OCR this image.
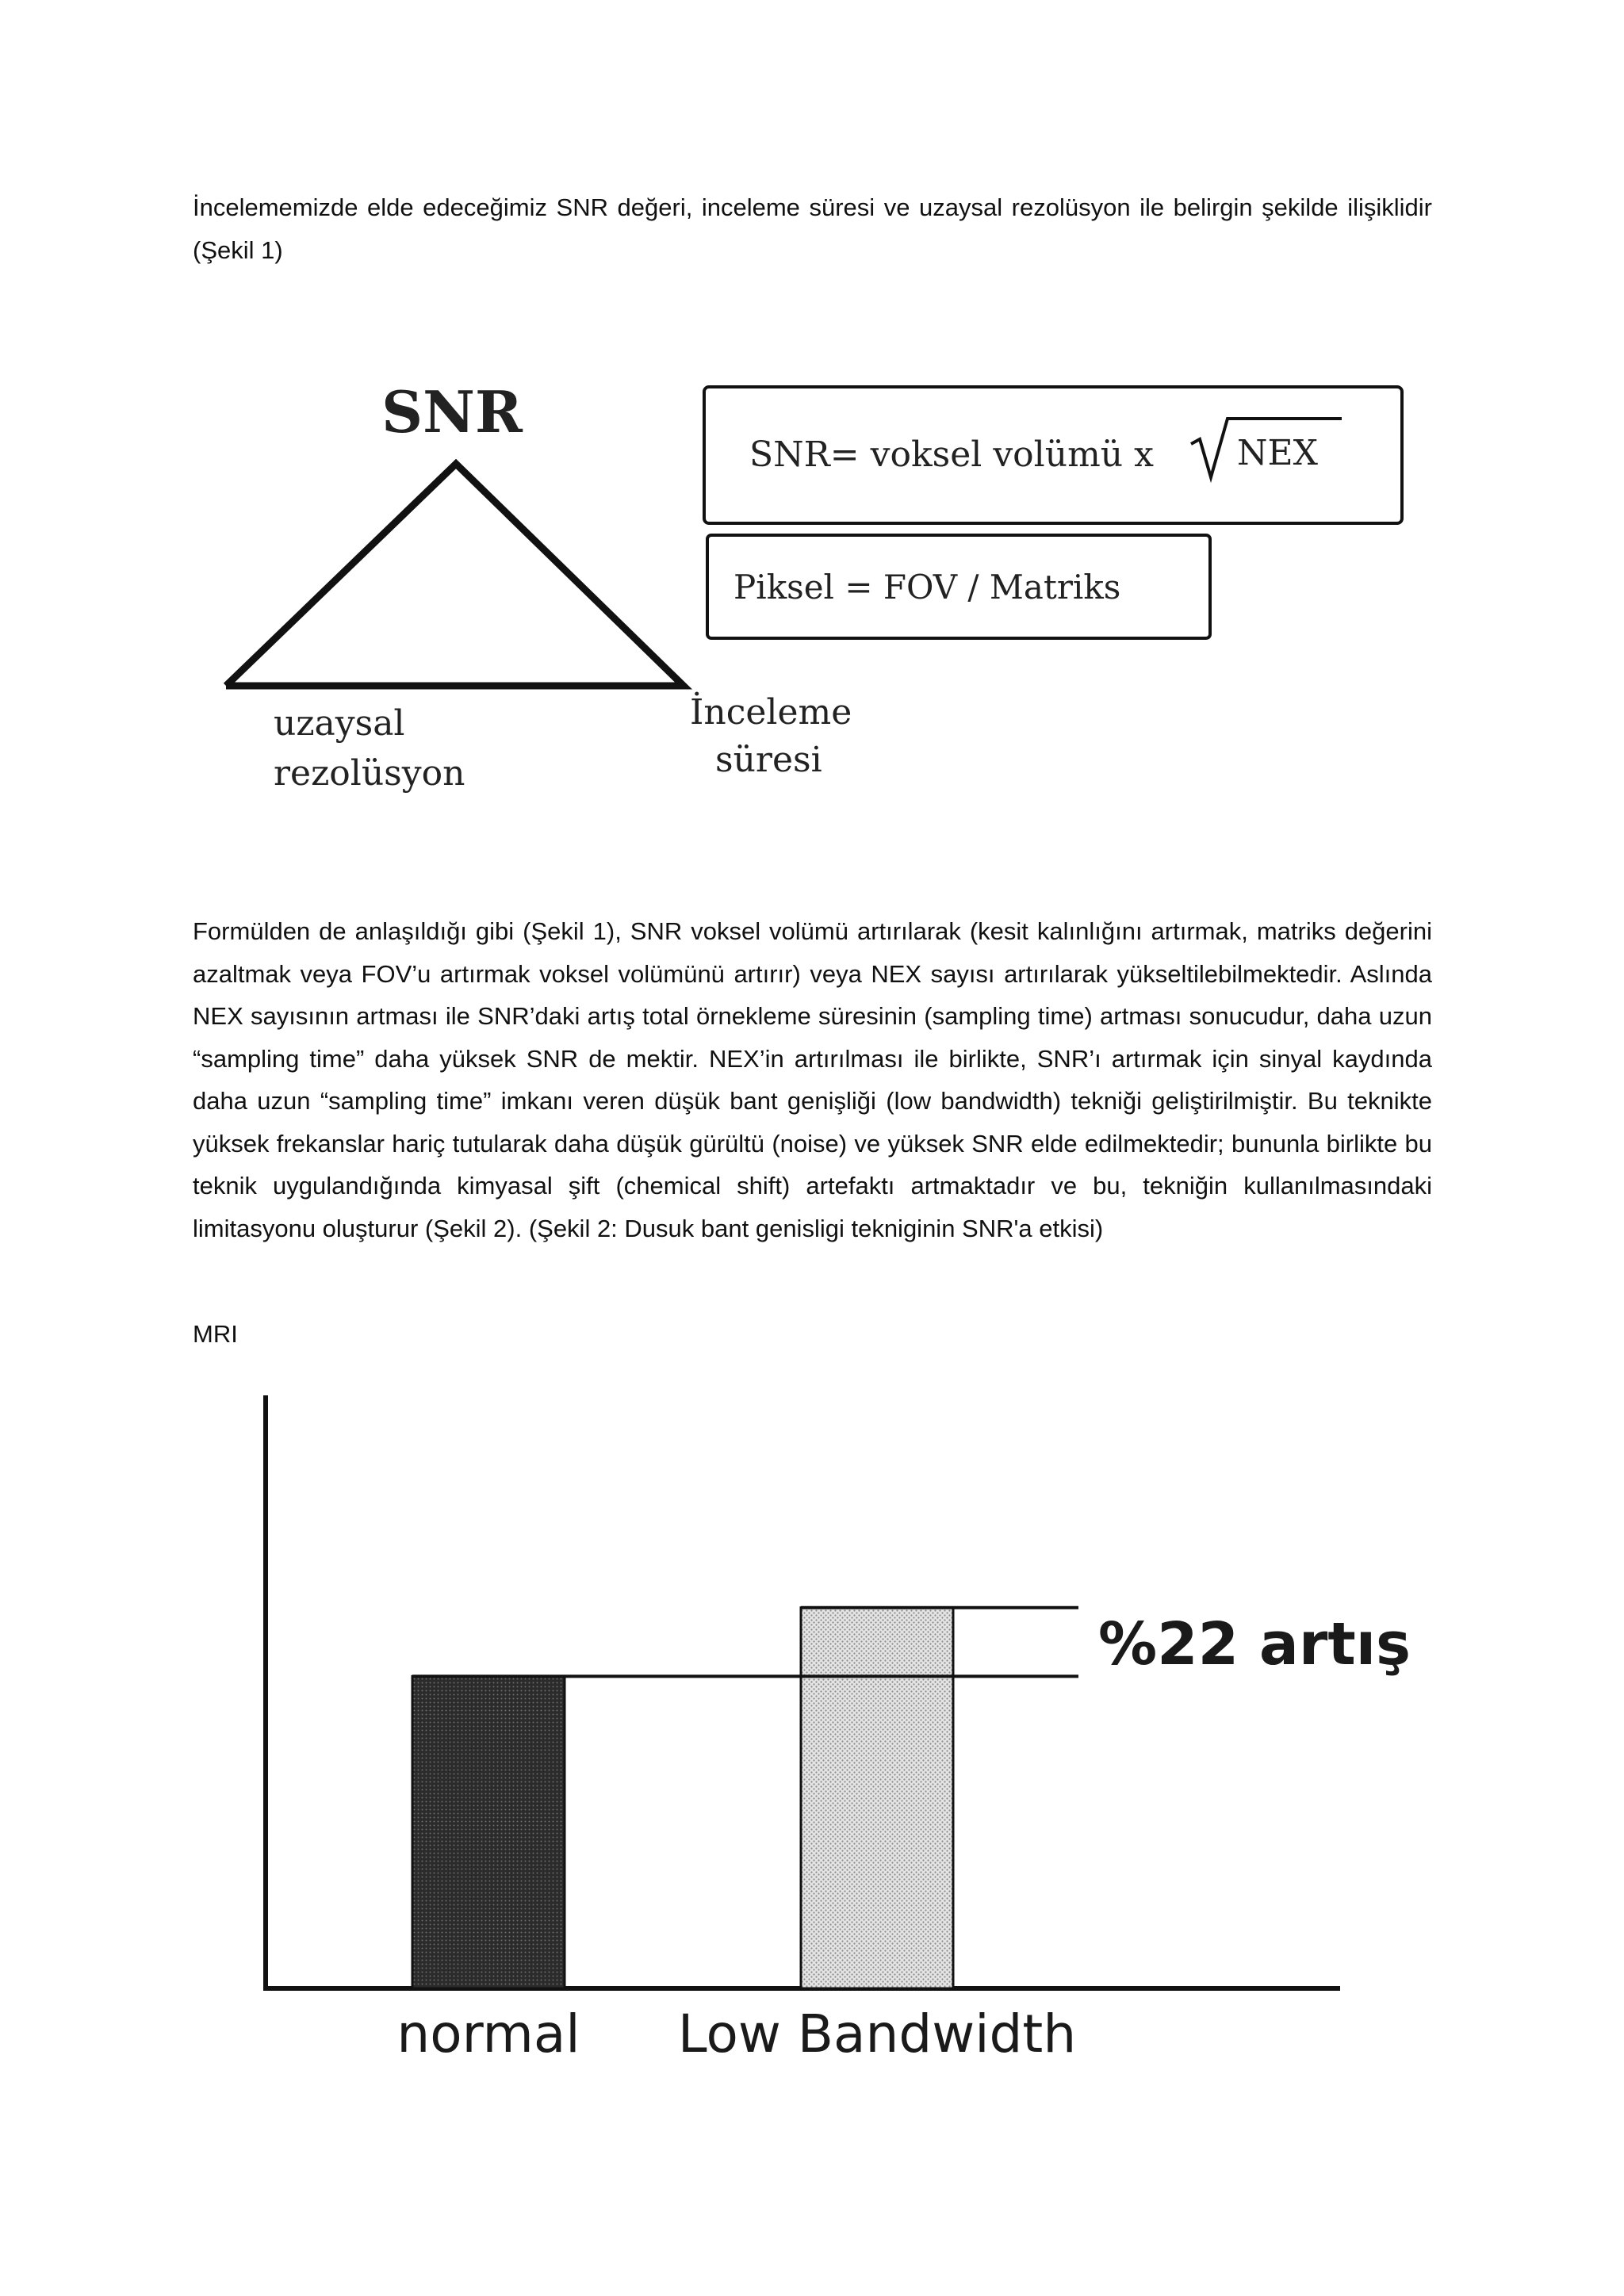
İncelememizde elde edeceğimiz SNR değeri, inceleme süresi ve uzaysal rezolüsyon ile belirgin şekilde ilişiklidir (Şekil 1)
SNR
uzaysal
rezolüsyon
İnceleme
süresi
SNR= voksel volümü x NEX
Piksel = FOV / Matriks
Formülden de anlaşıldığı gibi (Şekil 1), SNR voksel volümü artırılarak (kesit kalınlığını artırmak, matriks değerini azaltmak veya FOV’u artırmak voksel volümünü artırır) veya NEX sayısı artırılarak yükseltilebilmektedir. Aslında NEX sayısının artması ile SNR’daki artış total örnekleme süresinin (sampling time) artması sonucudur, daha uzun “sampling time” daha yüksek SNR de mektir. NEX’in artırılması ile birlikte, SNR’ı artırmak için sinyal kaydında daha uzun “sampling time” imkanı veren düşük bant genişliği (low bandwidth) tekniği geliştirilmiştir. Bu teknikte yüksek frekanslar hariç tutularak daha düşük gürültü (noise) ve yüksek SNR elde edilmektedir; bununla birlikte bu teknik uygulandığında kimyasal şift (chemical shift) artefaktı artmaktadır ve bu, tekniğin kullanılmasındaki limitasyonu oluşturur (Şekil 2). (Şekil 2: Dusuk bant genisligi tekniginin SNR'a etkisi)
MRI
normal Low Bandwidth
%22 artış
